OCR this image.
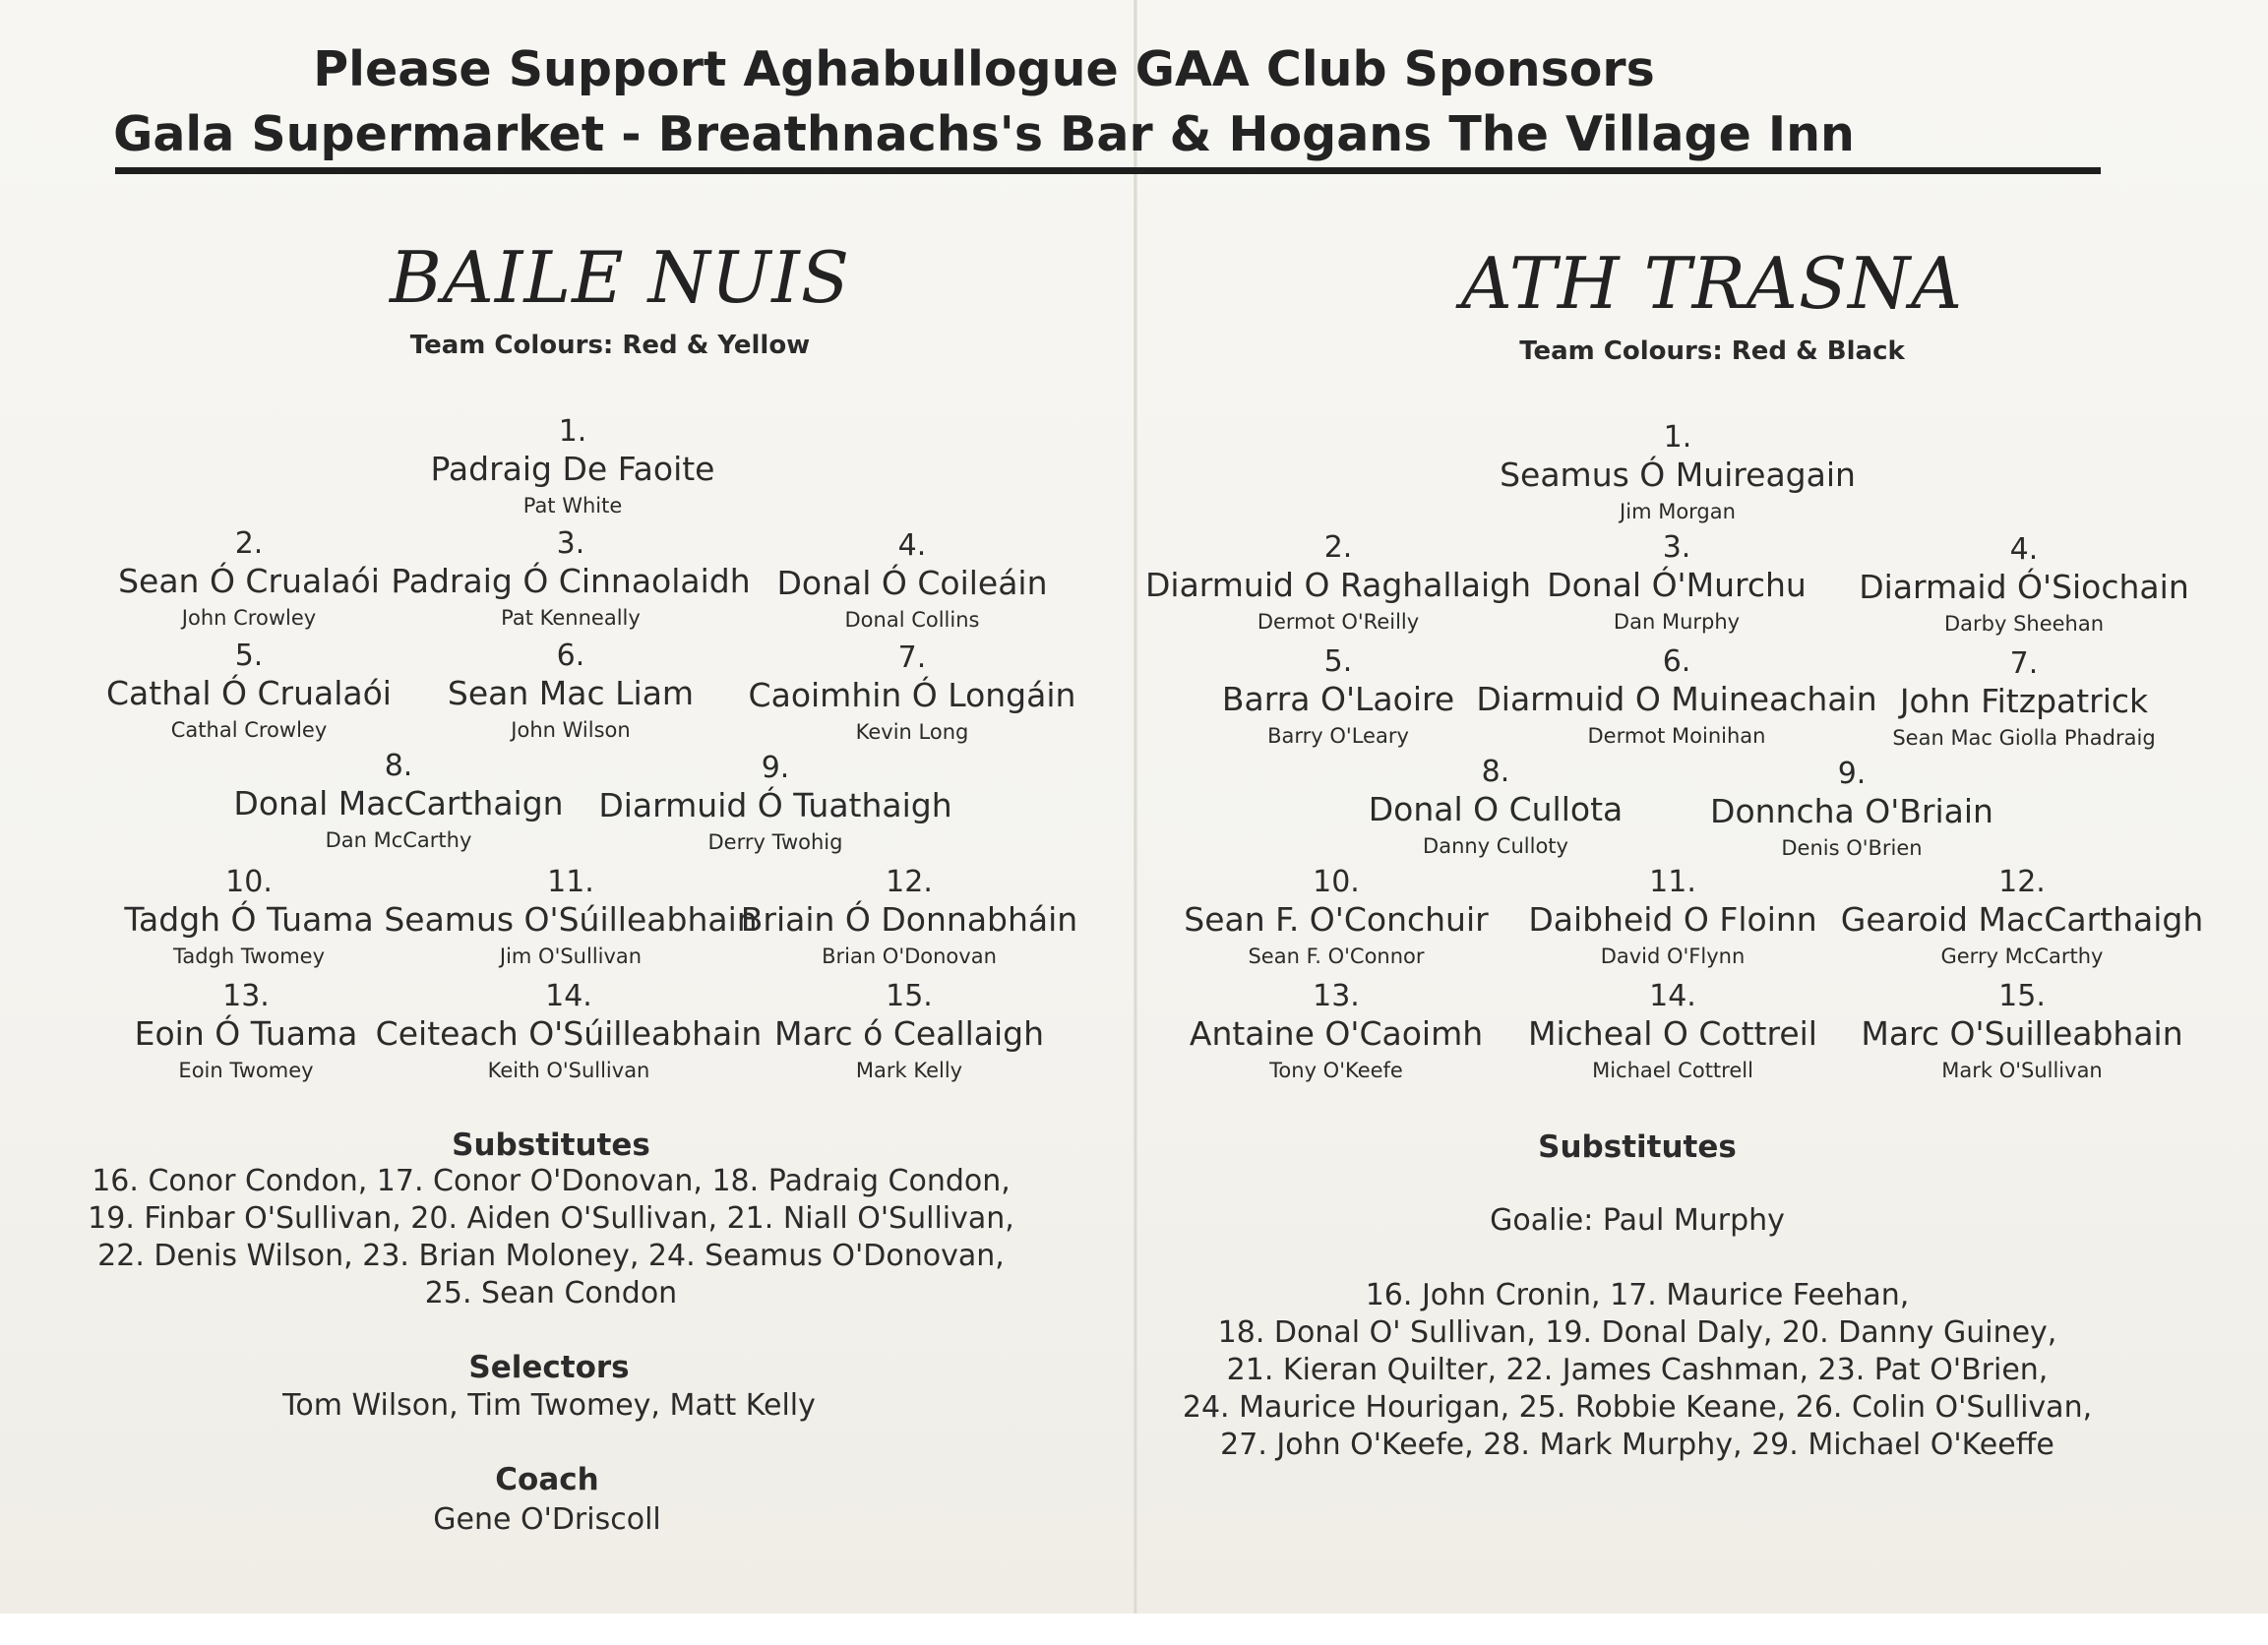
Please Support Aghabullogue GAA Club Sponsors
Gala Supermarket - Breathnachs's Bar & Hogans The Village Inn
BAILE NUIS
Team Colours: Red & Yellow
1.
Padraig De Faoite
Pat White
2.
Sean Ó Crualaói
John Crowley
3.
Padraig Ó Cinnaolaidh
Pat Kenneally
4.
Donal Ó Coileáin
Donal Collins
5.
Cathal Ó Crualaói
Cathal Crowley
6.
Sean Mac Liam
John Wilson
7.
Caoimhin Ó Longáin
Kevin Long
8.
Donal MacCarthaign
Dan McCarthy
9.
Diarmuid Ó Tuathaigh
Derry Twohig
10.
Tadgh Ó Tuama
Tadgh Twomey
11.
Seamus O'Súilleabhain
Jim O'Sullivan
12.
Briain Ó Donnabháin
Brian O'Donovan
13.
Eoin Ó Tuama
Eoin Twomey
14.
Ceiteach O'Súilleabhain
Keith O'Sullivan
15.
Marc ó Ceallaigh
Mark Kelly
Substitutes
16. Conor Condon, 17. Conor O'Donovan, 18. Padraig Condon,
19. Finbar O'Sullivan, 20. Aiden O'Sullivan, 21. Niall O'Sullivan,
22. Denis Wilson, 23. Brian Moloney, 24. Seamus O'Donovan,
25. Sean Condon
Selectors
Tom Wilson, Tim Twomey, Matt Kelly
Coach
Gene O'Driscoll
ATH TRASNA
Team Colours: Red & Black
1.
Seamus Ó Muireagain
Jim Morgan
2.
Diarmuid O Raghallaigh
Dermot O'Reilly
3.
Donal Ó'Murchu
Dan Murphy
4.
Diarmaid Ó'Siochain
Darby Sheehan
5.
Barra O'Laoire
Barry O'Leary
6.
Diarmuid O Muineachain
Dermot Moinihan
7.
John Fitzpatrick
Sean Mac Giolla Phadraig
8.
Donal O Cullota
Danny Culloty
9.
Donncha O'Briain
Denis O'Brien
10.
Sean F. O'Conchuir
Sean F. O'Connor
11.
Daibheid O Floinn
David O'Flynn
12.
Gearoid MacCarthaigh
Gerry McCarthy
13.
Antaine O'Caoimh
Tony O'Keefe
14.
Micheal O Cottreil
Michael Cottrell
15.
Marc O'Suilleabhain
Mark O'Sullivan
Substitutes
Goalie: Paul Murphy
16. John Cronin, 17. Maurice Feehan,
18. Donal O' Sullivan, 19. Donal Daly, 20. Danny Guiney,
21. Kieran Quilter, 22. James Cashman, 23. Pat O'Brien,
24. Maurice Hourigan, 25. Robbie Keane, 26. Colin O'Sullivan,
27. John O'Keefe, 28. Mark Murphy, 29. Michael O'Keeffe
